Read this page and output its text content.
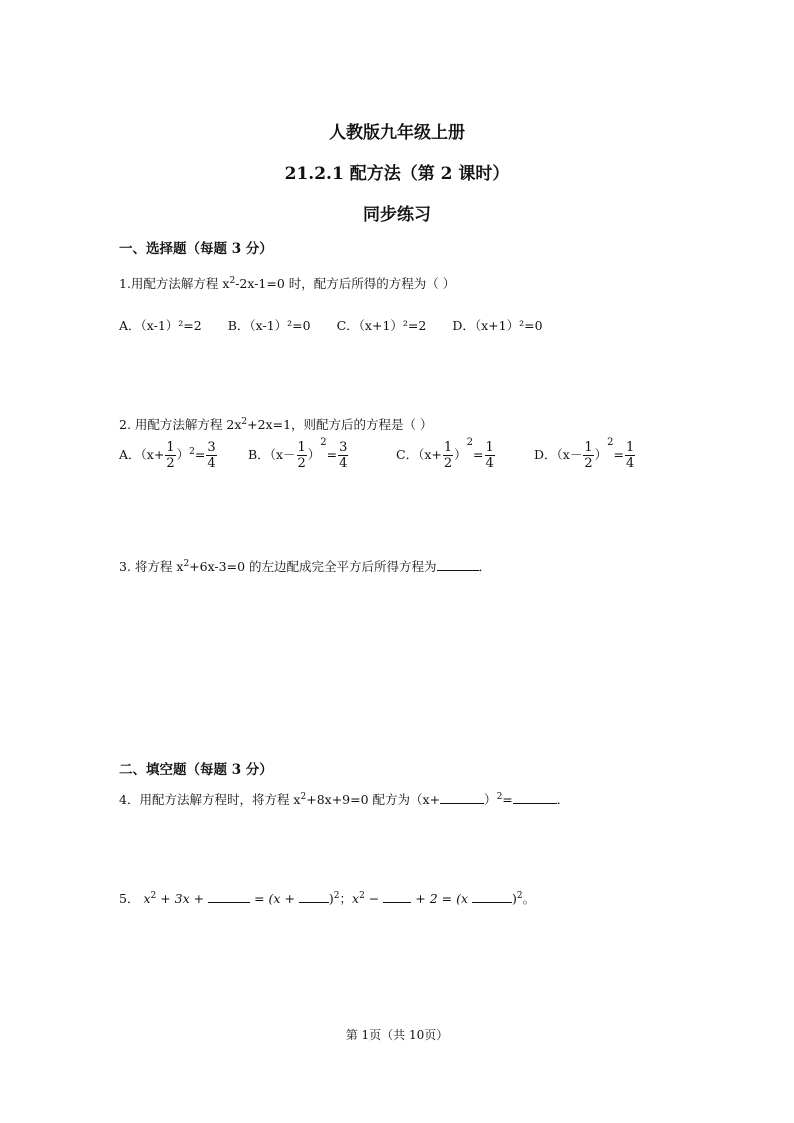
人教版九年级上册
21.2.1 配方法（第 2 课时）
同步练习
一、选择题（每题 3 分）
1.用配方法解方程 $x^2-2x-1=0$ 时，配方后所得的方程为（ ）
A．（x-1）²=2 B．（x-1）²=0 C．（x+1）²=2 D．（x+1）²=0
2. 用配方法解方程 $2x^2+2x=1$，则配方后的方程是（ ）
A．$(x+ \frac{1}{2} )^2= \frac{3}{4}$	B．$(x- \frac{1}{2} )^2= \frac{3}{4}$	C．$(x+ \frac{1}{2} )^2= \frac{1}{4}$	D．$(x- \frac{1}{2} )^2= \frac{1}{4}$
3. 将方程 $x^2+6x-3=0$ 的左边配成完全平方后所得方程为	．
二、填空题（每题 3 分）
4．用配方法解方程时，将方程 $x^2+8x+9=0$ 配方为（x+	）$^2$=	．
5． $x^2 + 3x$ +	= (x +	)$^2$；$x^2$ −	+ 2 = (x	)$^2$。
第 1页（共 10页）
